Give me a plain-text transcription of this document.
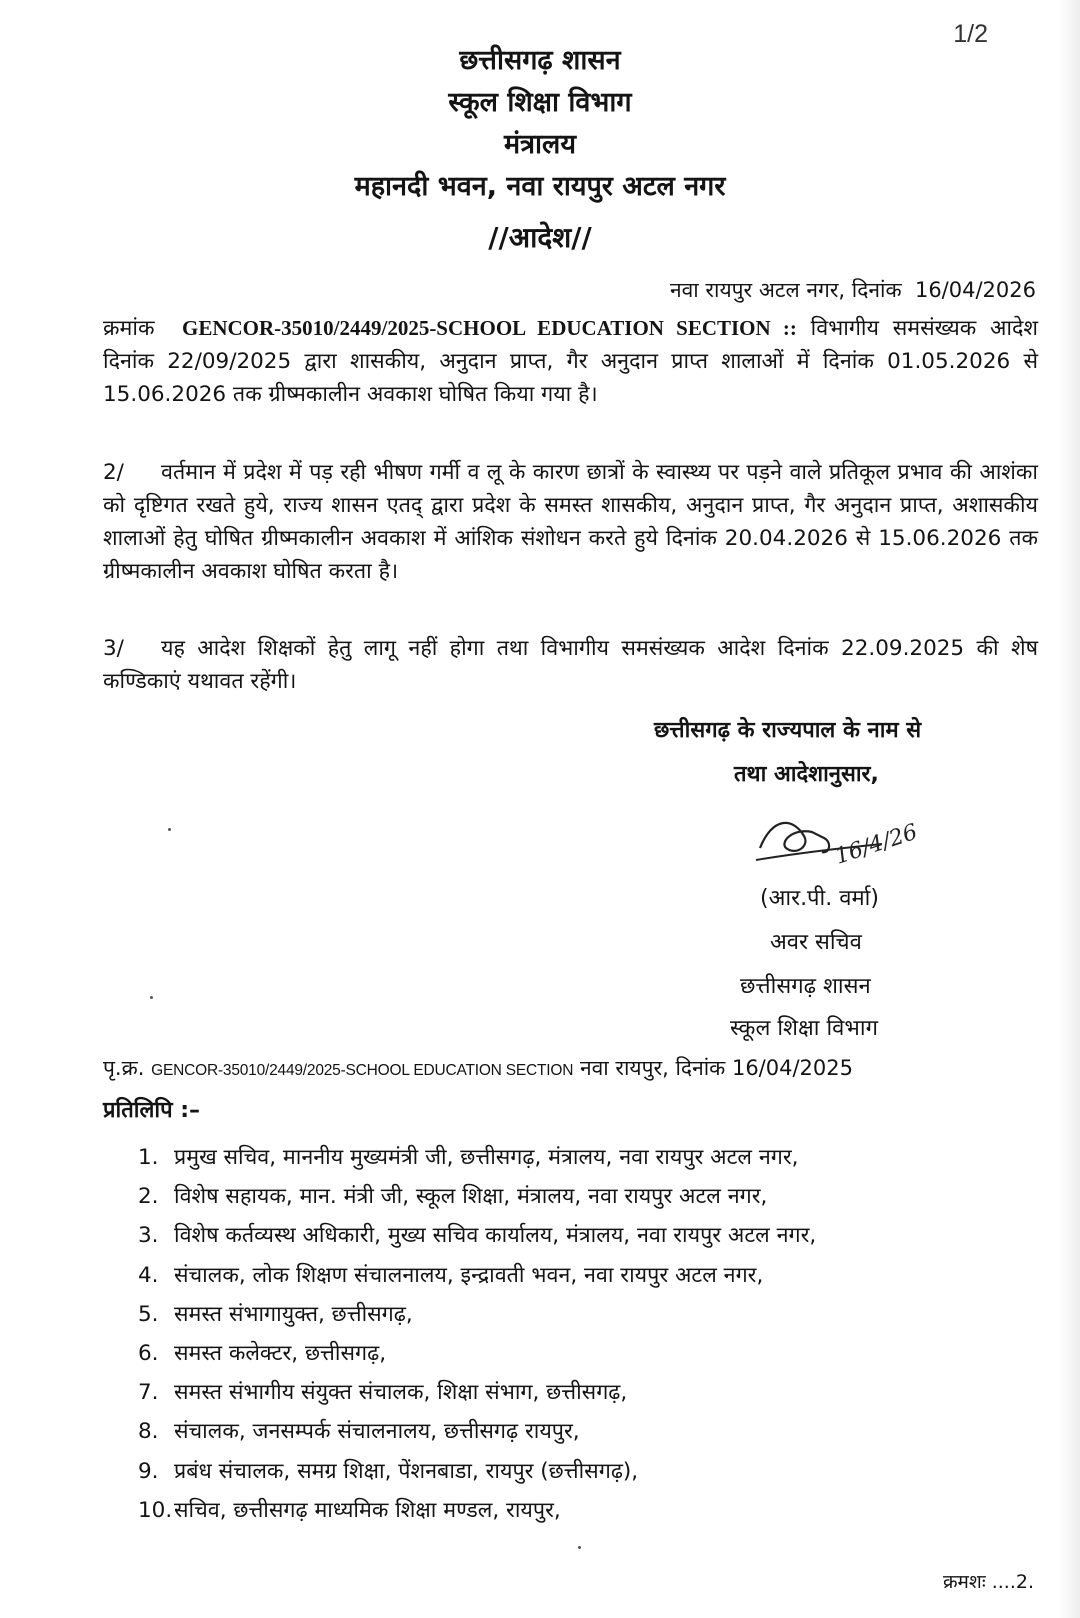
1/2
छत्तीसगढ़ शासन
स्कूल शिक्षा विभाग
मंत्रालय
महानदी भवन, नवा रायपुर अटल नगर
//आदेश//
नवा रायपुर अटल नगर, दिनांक 16/04/2026
क्रमांक GENCOR-35010/2449/2025-SCHOOL EDUCATION SECTION :: विभागीय समसंख्यक आदेश दिनांक 22/09/2025 द्वारा शासकीय, अनुदान प्राप्त, गैर अनुदान प्राप्त शालाओं में दिनांक 01.05.2026 से 15.06.2026 तक ग्रीष्मकालीन अवकाश घोषित किया गया है।
2/ वर्तमान में प्रदेश में पड़ रही भीषण गर्मी व लू के कारण छात्रों के स्वास्थ्य पर पड़ने वाले प्रतिकूल प्रभाव की आशंका को दृष्टिगत रखते हुये, राज्य शासन एतद् द्वारा प्रदेश के समस्त शासकीय, अनुदान प्राप्त, गैर अनुदान प्राप्त, अशासकीय शालाओं हेतु घोषित ग्रीष्मकालीन अवकाश में आंशिक संशोधन करते हुये दिनांक 20.04.2026 से 15.06.2026 तक ग्रीष्मकालीन अवकाश घोषित करता है।
3/ यह आदेश शिक्षकों हेतु लागू नहीं होगा तथा विभागीय समसंख्यक आदेश दिनांक 22.09.2025 की शेष कण्डिकाएं यथावत रहेंगी।
छत्तीसगढ़ के राज्यपाल के नाम से
तथा आदेशानुसार,
16/4/26
(आर.पी. वर्मा)
अवर सचिव
छत्तीसगढ़ शासन
स्कूल शिक्षा विभाग
पृ.क्र. GENCOR-35010/2449/2025-SCHOOL EDUCATION SECTION नवा रायपुर, दिनांक 16/04/2025
प्रतिलिपि :–
1. प्रमुख सचिव, माननीय मुख्यमंत्री जी, छत्तीसगढ़, मंत्रालय, नवा रायपुर अटल नगर,
2. विशेष सहायक, मान. मंत्री जी, स्कूल शिक्षा, मंत्रालय, नवा रायपुर अटल नगर,
3. विशेष कर्तव्यस्थ अधिकारी, मुख्य सचिव कार्यालय, मंत्रालय, नवा रायपुर अटल नगर,
4. संचालक, लोक शिक्षण संचालनालय, इन्द्रावती भवन, नवा रायपुर अटल नगर,
5. समस्त संभागायुक्त, छत्तीसगढ़,
6. समस्त कलेक्टर, छत्तीसगढ़,
7. समस्त संभागीय संयुक्त संचालक, शिक्षा संभाग, छत्तीसगढ़,
8. संचालक, जनसम्पर्क संचालनालय, छत्तीसगढ़ रायपुर,
9. प्रबंध संचालक, समग्र शिक्षा, पेंशनबाडा, रायपुर (छत्तीसगढ़),
10.सचिव, छत्तीसगढ़ माध्यमिक शिक्षा मण्डल, रायपुर,
क्रमशः ....2.
